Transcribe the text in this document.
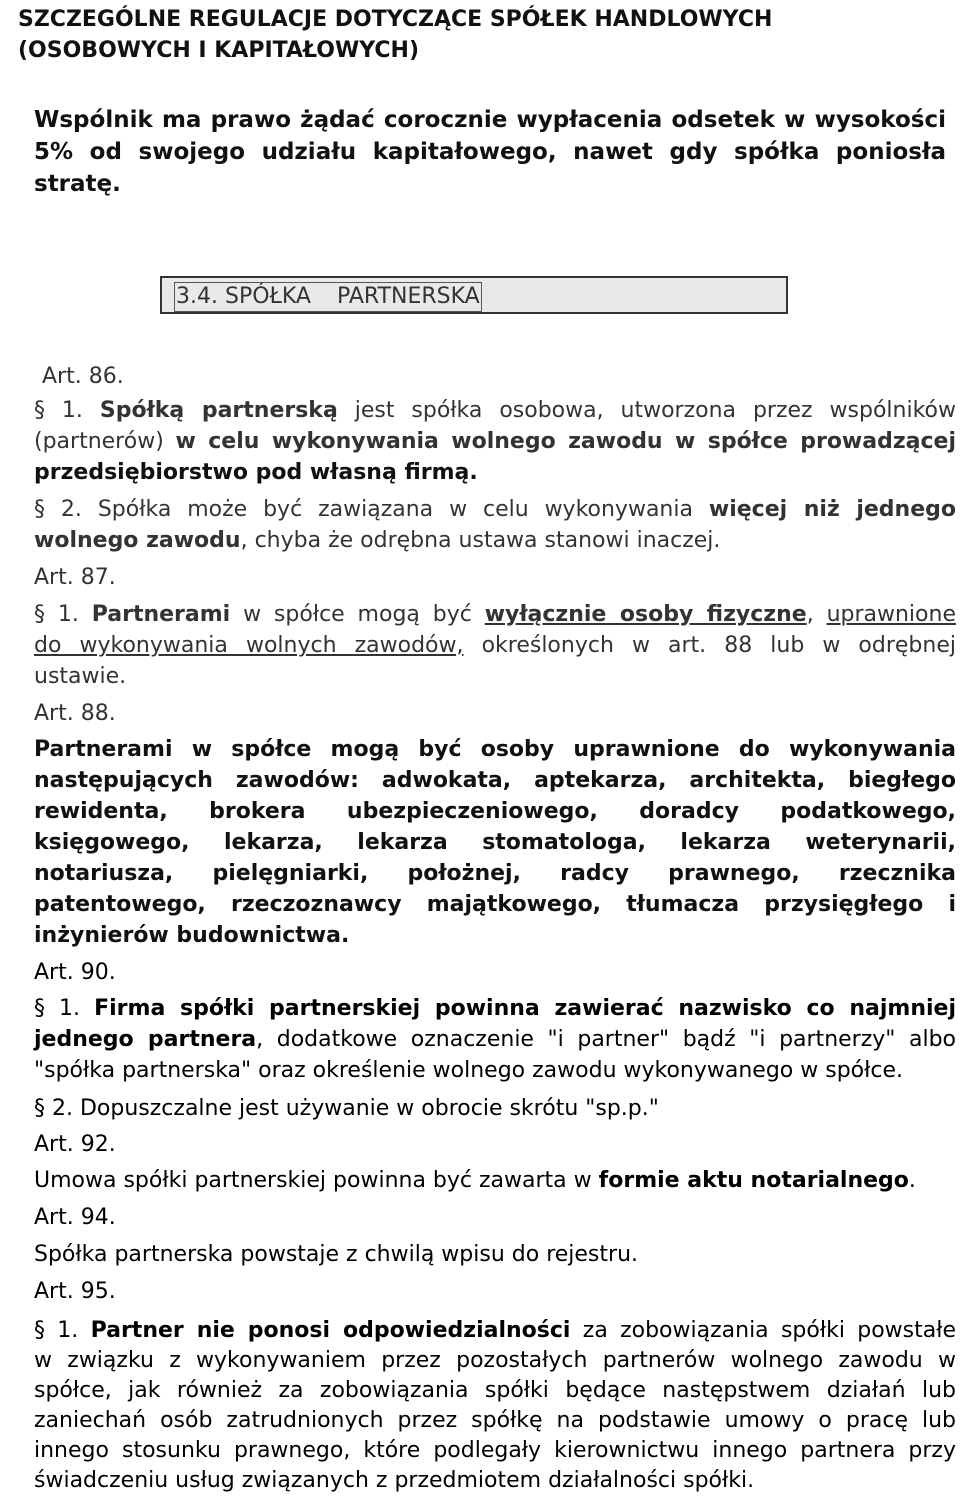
SZCZEGÓLNE REGULACJE DOTYCZĄCE SPÓŁEK HANDLOWYCH (OSOBOWYCH I KAPITAŁOWYCH)
Wspólnik ma prawo żądać corocznie wypłacenia odsetek w wysokości 5% od swojego udziału kapitałowego, nawet gdy spółka poniosła stratę.
3.4. SPÓŁKA PARTNERSKA
Art. 86.
§ 1. Spółką partnerską jest spółka osobowa, utworzona przez wspólników
(partnerów) w celu wykonywania wolnego zawodu w spółce prowadzącej
przedsiębiorstwo pod własną firmą.
§ 2. Spółka może być zawiązana w celu wykonywania więcej niż jednego
wolnego zawodu, chyba że odrębna ustawa stanowi inaczej.
Art. 87.
§ 1. Partnerami w spółce mogą być wyłącznie osoby fizyczne, uprawnione
do wykonywania wolnych zawodów, określonych w art. 88 lub w odrębnej
ustawie.
Art. 88.
Partnerami w spółce mogą być osoby uprawnione do wykonywania
następujących zawodów: adwokata, aptekarza, architekta, biegłego
rewidenta, brokera ubezpieczeniowego, doradcy podatkowego,
księgowego, lekarza, lekarza stomatologa, lekarza weterynarii,
notariusza, pielęgniarki, położnej, radcy prawnego, rzecznika
patentowego, rzeczoznawcy majątkowego, tłumacza przysięgłego i
inżynierów budownictwa.
Art. 90.
§ 1. Firma spółki partnerskiej powinna zawierać nazwisko co najmniej
jednego partnera, dodatkowe oznaczenie "i partner" bądź "i partnerzy" albo
"spółka partnerska" oraz określenie wolnego zawodu wykonywanego w spółce.
§ 2. Dopuszczalne jest używanie w obrocie skrótu "sp.p."
Art. 92.
Umowa spółki partnerskiej powinna być zawarta w formie aktu notarialnego.
Art. 94.
Spółka partnerska powstaje z chwilą wpisu do rejestru.
Art. 95.
§ 1. Partner nie ponosi odpowiedzialności za zobowiązania spółki powstałe
w związku z wykonywaniem przez pozostałych partnerów wolnego zawodu w
spółce, jak również za zobowiązania spółki będące następstwem działań lub
zaniechań osób zatrudnionych przez spółkę na podstawie umowy o pracę lub
innego stosunku prawnego, które podlegały kierownictwu innego partnera przy
świadczeniu usług związanych z przedmiotem działalności spółki.
